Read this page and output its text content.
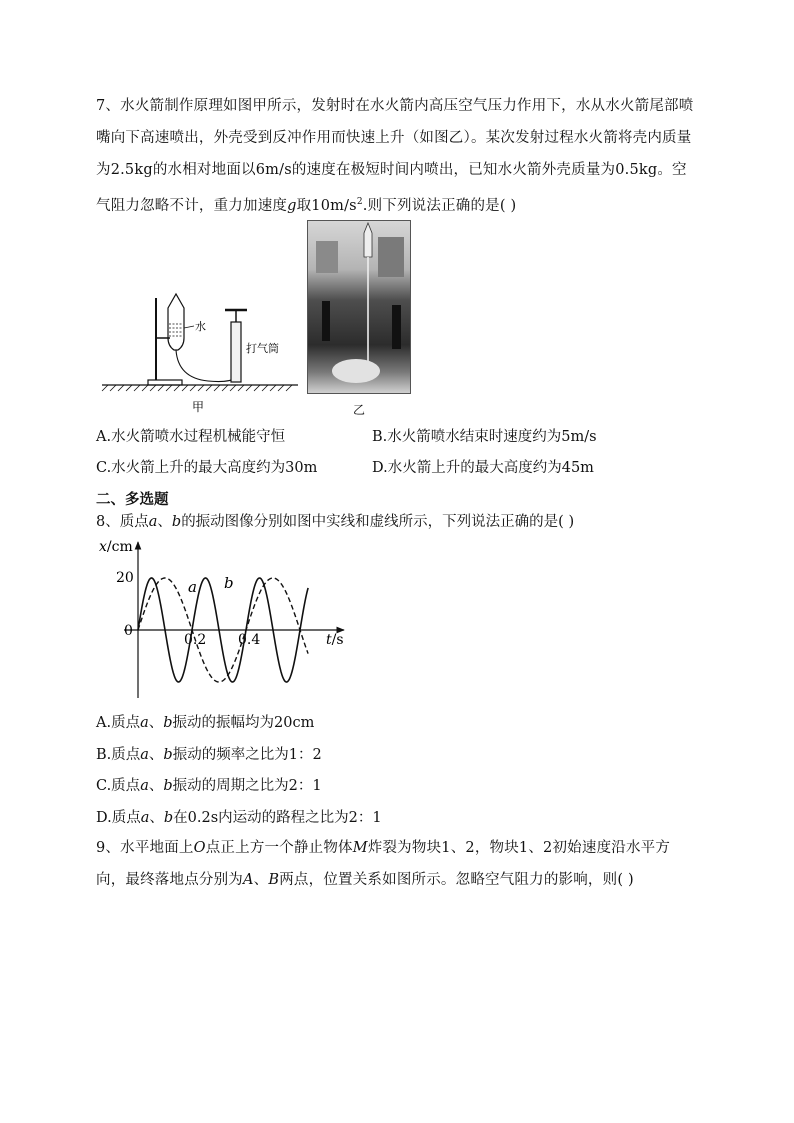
7、水火箭制作原理如图甲所示，发射时在水火箭内高压空气压力作用下，水从水火箭尾部喷嘴向下高速喷出，外壳受到反冲作用而快速上升（如图乙）。某次发射过程水火箭将壳内质量为2.5kg的水相对地面以6m/s的速度在极短时间内喷出，已知水火箭外壳质量为0.5kg。空气阻力忽略不计，重力加速度g取$10m/s^2$.则下列说法正确的是( )
水
打气筒
甲	乙
A.水火箭喷水过程机械能守恒	B.水火箭喷水结束时速度约为5m/s
C.水火箭上升的最大高度约为30m	D.水火箭上升的最大高度约为45m
二、多选题
8、质点a、b的振动图像分别如图中实线和虚线所示，下列说法正确的是( )
x/cm
t/s
20
0
0.2 0.4
a b
A.质点a、b振动的振幅均为20cm
B.质点a、b振动的频率之比为1：2
C.质点a、b振动的周期之比为2：1
D.质点a、b在0.2s内运动的路程之比为2：1
9、水平地面上O点正上方一个静止物体M炸裂为物块1、2，物块1、2初始速度沿水平方向，最终落地点分别为A、B两点，位置关系如图所示。忽略空气阻力的影响，则( )
